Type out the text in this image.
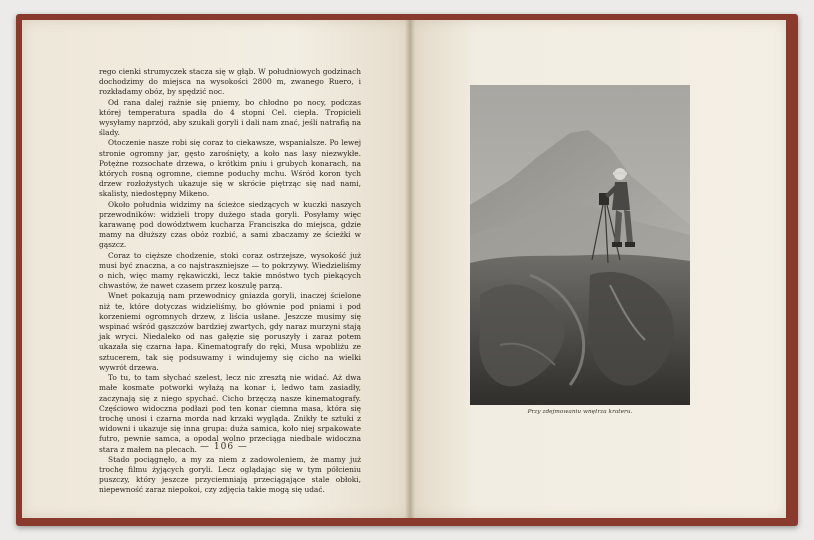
rego cienki strumyczek stacza się w głąb. W południowych godzinach dochodzimy do miejsca na wysokości 2800 m, zwanego Ruero, i rozkładamy obóz, by spędzić noc.

Od rana dalej raźnie się pniemy, bo chłodno po nocy, podczas której temperatura spadła do 4 stopni Cel. ciepła. Tropicieli wysyłamy naprzód, aby szukali goryli i dali nam znać, jeśli natrafią na ślady.

Otoczenie nasze robi się coraz to ciekawsze, wspanialsze. Po lewej stronie ogromny jar, gęsto zarośnięty, a koło nas lasy niezwykłe. Potężne rozsochate drzewa, o krótkim pniu i grubych konarach, na których rosną ogromne, ciemne poduchy mchu. Wśród koron tych drzew rozłożystych ukazuje się w skrócie piętrząc się nad nami, skalisty, niedostępny Mikeno.

Około południa widzimy na ścieżce siedzących w kuczki naszych przewodników: widzieli tropy dużego stada goryli. Posyłamy więc karawanę pod dowództwem kucharza Franciszka do miejsca, gdzie mamy na dłuższy czas obóz rozbić, a sami zbaczamy ze ścieżki w gąszcz.

Coraz to cięższe chodzenie, stoki coraz ostrzejsze, wysokość już musi być znaczna, a co najstraszniejsze — to pokrzywy. Wiedzieliśmy o nich, więc mamy rękawiczki, lecz takie mnóstwo tych piekących chwastów, że nawet czasem przez koszulę parzą.

Wnet pokazują nam przewodnicy gniazda goryli, inaczej ścielone niż te, które dotyczas widzieliśmy, bo głównie pod pniami i pod korzeniemi ogromnych drzew, z liścia usłane. Jeszcze musimy się wspinać wśród gąszczów bardziej zwartych, gdy naraz murzyni stają jak wryci. Niedaleko od nas gałęzie się poruszyły i zaraz potem ukazała się czarna łapa. Kinematografy do ręki, Musa wpobliżu ze sztucerem, tak się podsuwamy i windujemy się cicho na wielki wywrót drzewa.

To tu, to tam słychać szelest, lecz nic zresztą nie widać. Aż dwa małe kosmate potworki wyłażą na konar i, ledwo tam zasiadły, zaczynają się z niego spychać. Cicho brzęczą nasze kinematografy. Częściowo widoczna podłazi pod ten konar ciemna masa, która się trochę unosi i czarna morda nad krzaki wygląda. Znikły te sztuki z widowni i ukazuje się inna grupa: duża samica, koło niej srpakowate futro, pewnie samca, a opodal wolno przeciąga niedbale widoczna stara z małem na plecach.

Stado pociągnęło, a my za niem z zadowoleniem, że mamy już trochę filmu żyjących goryli. Lecz oglądając się w tym półcieniu puszczy, który jeszcze przyciemniają przeciągające stale obłoki, niepewność zaraz niepokoi, czy zdjęcia takie mogą się udać.

— 106 —
Przy zdejmowaniu wnętrza krateru.
